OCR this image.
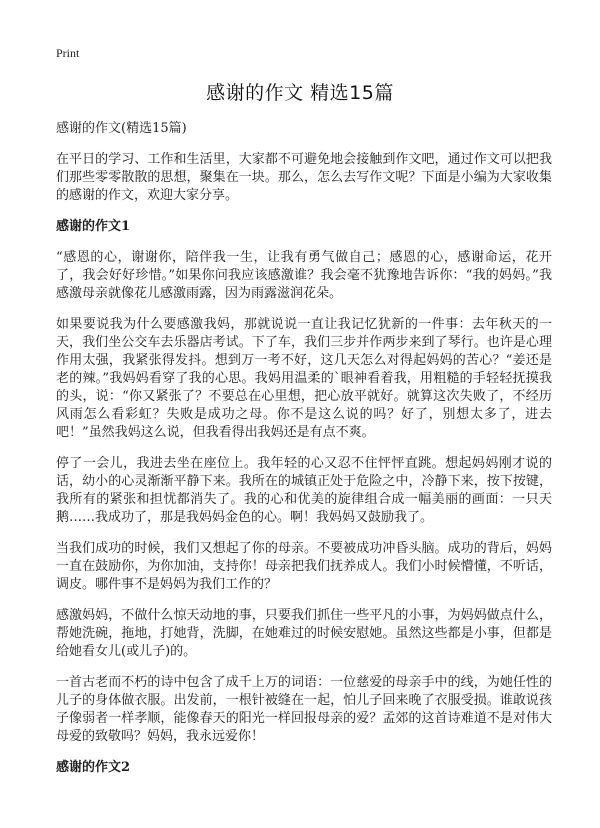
Print
感谢的作文 精选15篇
感谢的作文(精选15篇)

在平日的学习、工作和生活里，大家都不可避免地会接触到作文吧，通过作文可以把我们那些零零散散的思想，聚集在一块。那么，怎么去写作文呢？下面是小编为大家收集的感谢的作文，欢迎大家分享。

感谢的作文1

“感恩的心，谢谢你，陪伴我一生，让我有勇气做自己；感恩的心，感谢命运，花开了，我会好好珍惜。”如果你问我应该感激谁？我会毫不犹豫地告诉你：“我的妈妈。”我感激母亲就像花儿感激雨露，因为雨露滋润花朵。

如果要说我为什么要感激我妈，那就说说一直让我记忆犹新的一件事：去年秋天的一天，我们坐公交车去乐器店考试。下了车，我们三步并作两步来到了琴行。也许是心理作用太强，我紧张得发抖。想到万一考不好，这几天怎么对得起妈妈的苦心？“姜还是老的辣。”我妈妈看穿了我的心思。我妈用温柔的`眼神看着我，用粗糙的手轻轻抚摸我的头，说：“你又紧张了？不要总在心里想，把心放平就好。就算这次失败了，不经历风雨怎么看彩虹？失败是成功之母。你不是这么说的吗？好了，别想太多了，进去吧！”虽然我妈这么说，但我看得出我妈还是有点不爽。

停了一会儿，我进去坐在座位上。我年轻的心又忍不住怦怦直跳。想起妈妈刚才说的话，幼小的心灵渐渐平静下来。我所在的城镇正处于危险之中，冷静下来，按下按键，我所有的紧张和担忧都消失了。我的心和优美的旋律组合成一幅美丽的画面：一只天鹅……我成功了，那是我妈妈金色的心。啊！我妈妈又鼓励我了。

当我们成功的时候，我们又想起了你的母亲。不要被成功冲昏头脑。成功的背后，妈妈一直在鼓励你，为你加油，支持你！母亲把我们抚养成人。我们小时候懵懂，不听话，调皮。哪件事不是妈妈为我们工作的？

感激妈妈，不做什么惊天动地的事，只要我们抓住一些平凡的小事，为妈妈做点什么，帮她洗碗，拖地，打她背，洗脚，在她难过的时候安慰她。虽然这些都是小事，但都是给她看女儿(或儿子)的。

一首古老而不朽的诗中包含了成千上万的词语：一位慈爱的母亲手中的线，为她任性的儿子的身体做衣服。出发前，一根针被缝在一起，怕儿子回来晚了衣服受损。谁敢说孩子像弱者一样孝顺，能像春天的阳光一样回报母亲的爱？孟郊的这首诗难道不是对伟大母爱的致敬吗？妈妈，我永远爱你！

感谢的作文2
